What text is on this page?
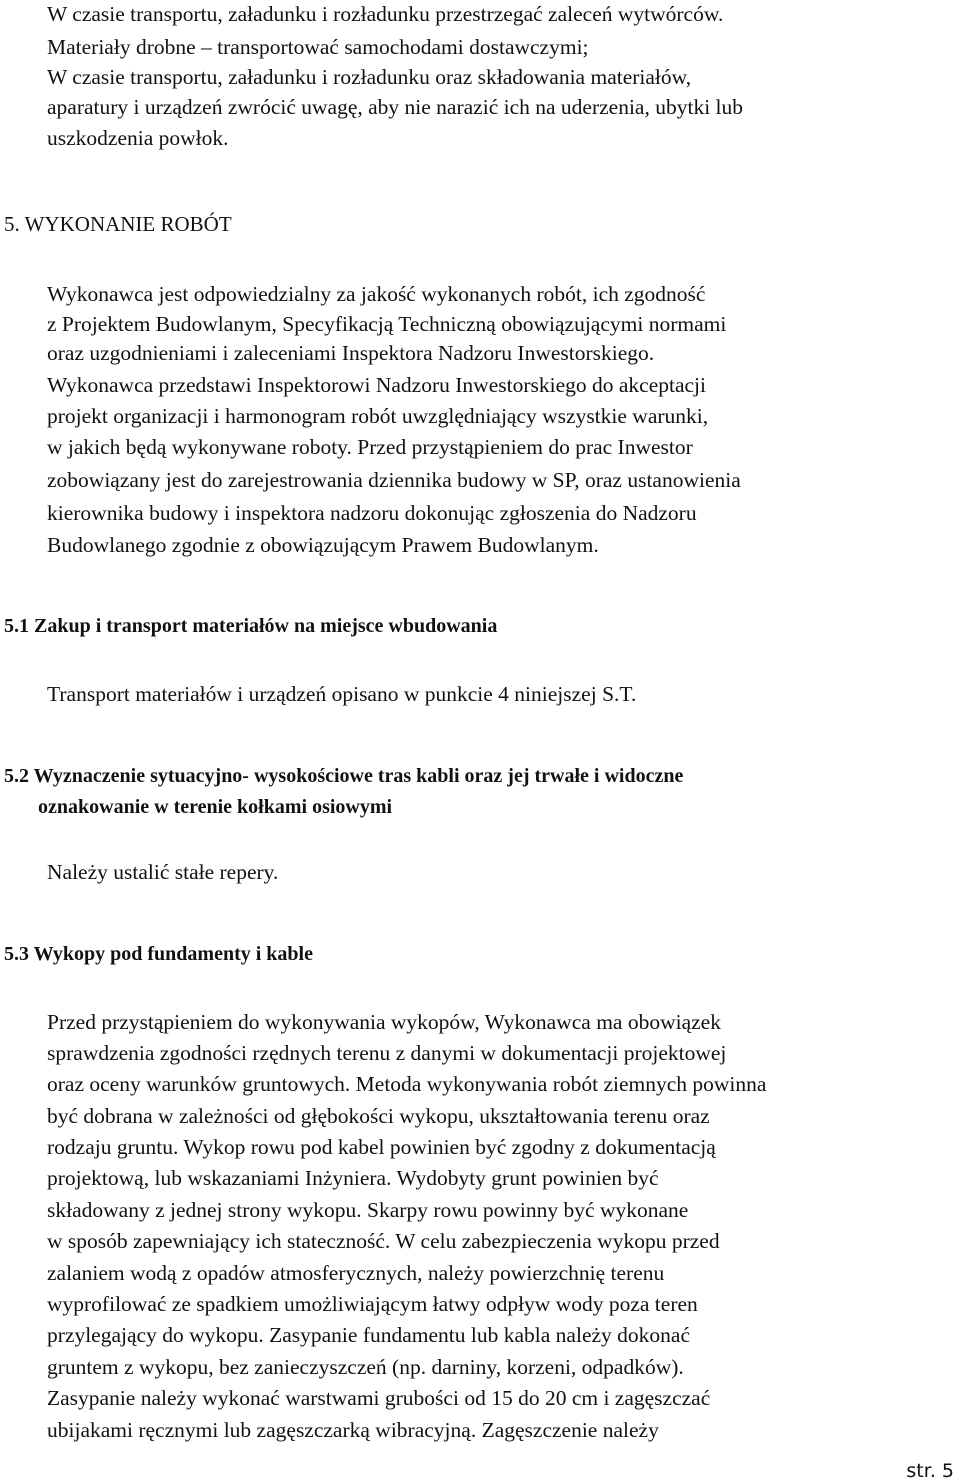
W czasie transportu, załadunku i rozładunku przestrzegać zaleceń wytwórców.
Materiały drobne – transportować samochodami dostawczymi;
W czasie transportu, załadunku i rozładunku oraz składowania materiałów,
aparatury i urządzeń zwrócić uwagę, aby nie narazić ich na uderzenia, ubytki lub
uszkodzenia powłok.
5. WYKONANIE ROBÓT
Wykonawca jest odpowiedzialny za jakość wykonanych robót, ich zgodność
z Projektem Budowlanym, Specyfikacją Techniczną obowiązującymi normami
oraz uzgodnieniami i zaleceniami Inspektora Nadzoru Inwestorskiego.
Wykonawca przedstawi Inspektorowi Nadzoru Inwestorskiego do akceptacji
projekt organizacji i harmonogram robót uwzględniający wszystkie warunki,
w jakich będą wykonywane roboty. Przed przystąpieniem do prac Inwestor
zobowiązany jest do zarejestrowania dziennika budowy w SP, oraz ustanowienia
kierownika budowy i inspektora nadzoru dokonując zgłoszenia do Nadzoru
Budowlanego zgodnie z obowiązującym Prawem Budowlanym.
5.1 Zakup i transport materiałów na miejsce wbudowania
Transport materiałów i urządzeń opisano w punkcie 4 niniejszej S.T.
5.2 Wyznaczenie sytuacyjno- wysokościowe tras kabli oraz jej trwałe i widoczne
oznakowanie w terenie kołkami osiowymi
Należy ustalić stałe repery.
5.3 Wykopy pod fundamenty i kable
Przed przystąpieniem do wykonywania wykopów, Wykonawca ma obowiązek
sprawdzenia zgodności rzędnych terenu z danymi w dokumentacji projektowej
oraz oceny warunków gruntowych. Metoda wykonywania robót ziemnych powinna
być dobrana w zależności od głębokości wykopu, ukształtowania terenu oraz
rodzaju gruntu. Wykop rowu pod kabel powinien być zgodny z dokumentacją
projektową, lub wskazaniami Inżyniera. Wydobyty grunt powinien być
składowany z jednej strony wykopu. Skarpy rowu powinny być wykonane
w sposób zapewniający ich stateczność. W celu zabezpieczenia wykopu przed
zalaniem wodą z opadów atmosferycznych, należy powierzchnię terenu
wyprofilować ze spadkiem umożliwiającym łatwy odpływ wody poza teren
przylegający do wykopu. Zasypanie fundamentu lub kabla należy dokonać
gruntem z wykopu, bez zanieczyszczeń (np. darniny, korzeni, odpadków).
Zasypanie należy wykonać warstwami grubości od 15 do 20 cm i zagęszczać
ubijakami ręcznymi lub zagęszczarką wibracyjną. Zagęszczenie należy
str. 5
